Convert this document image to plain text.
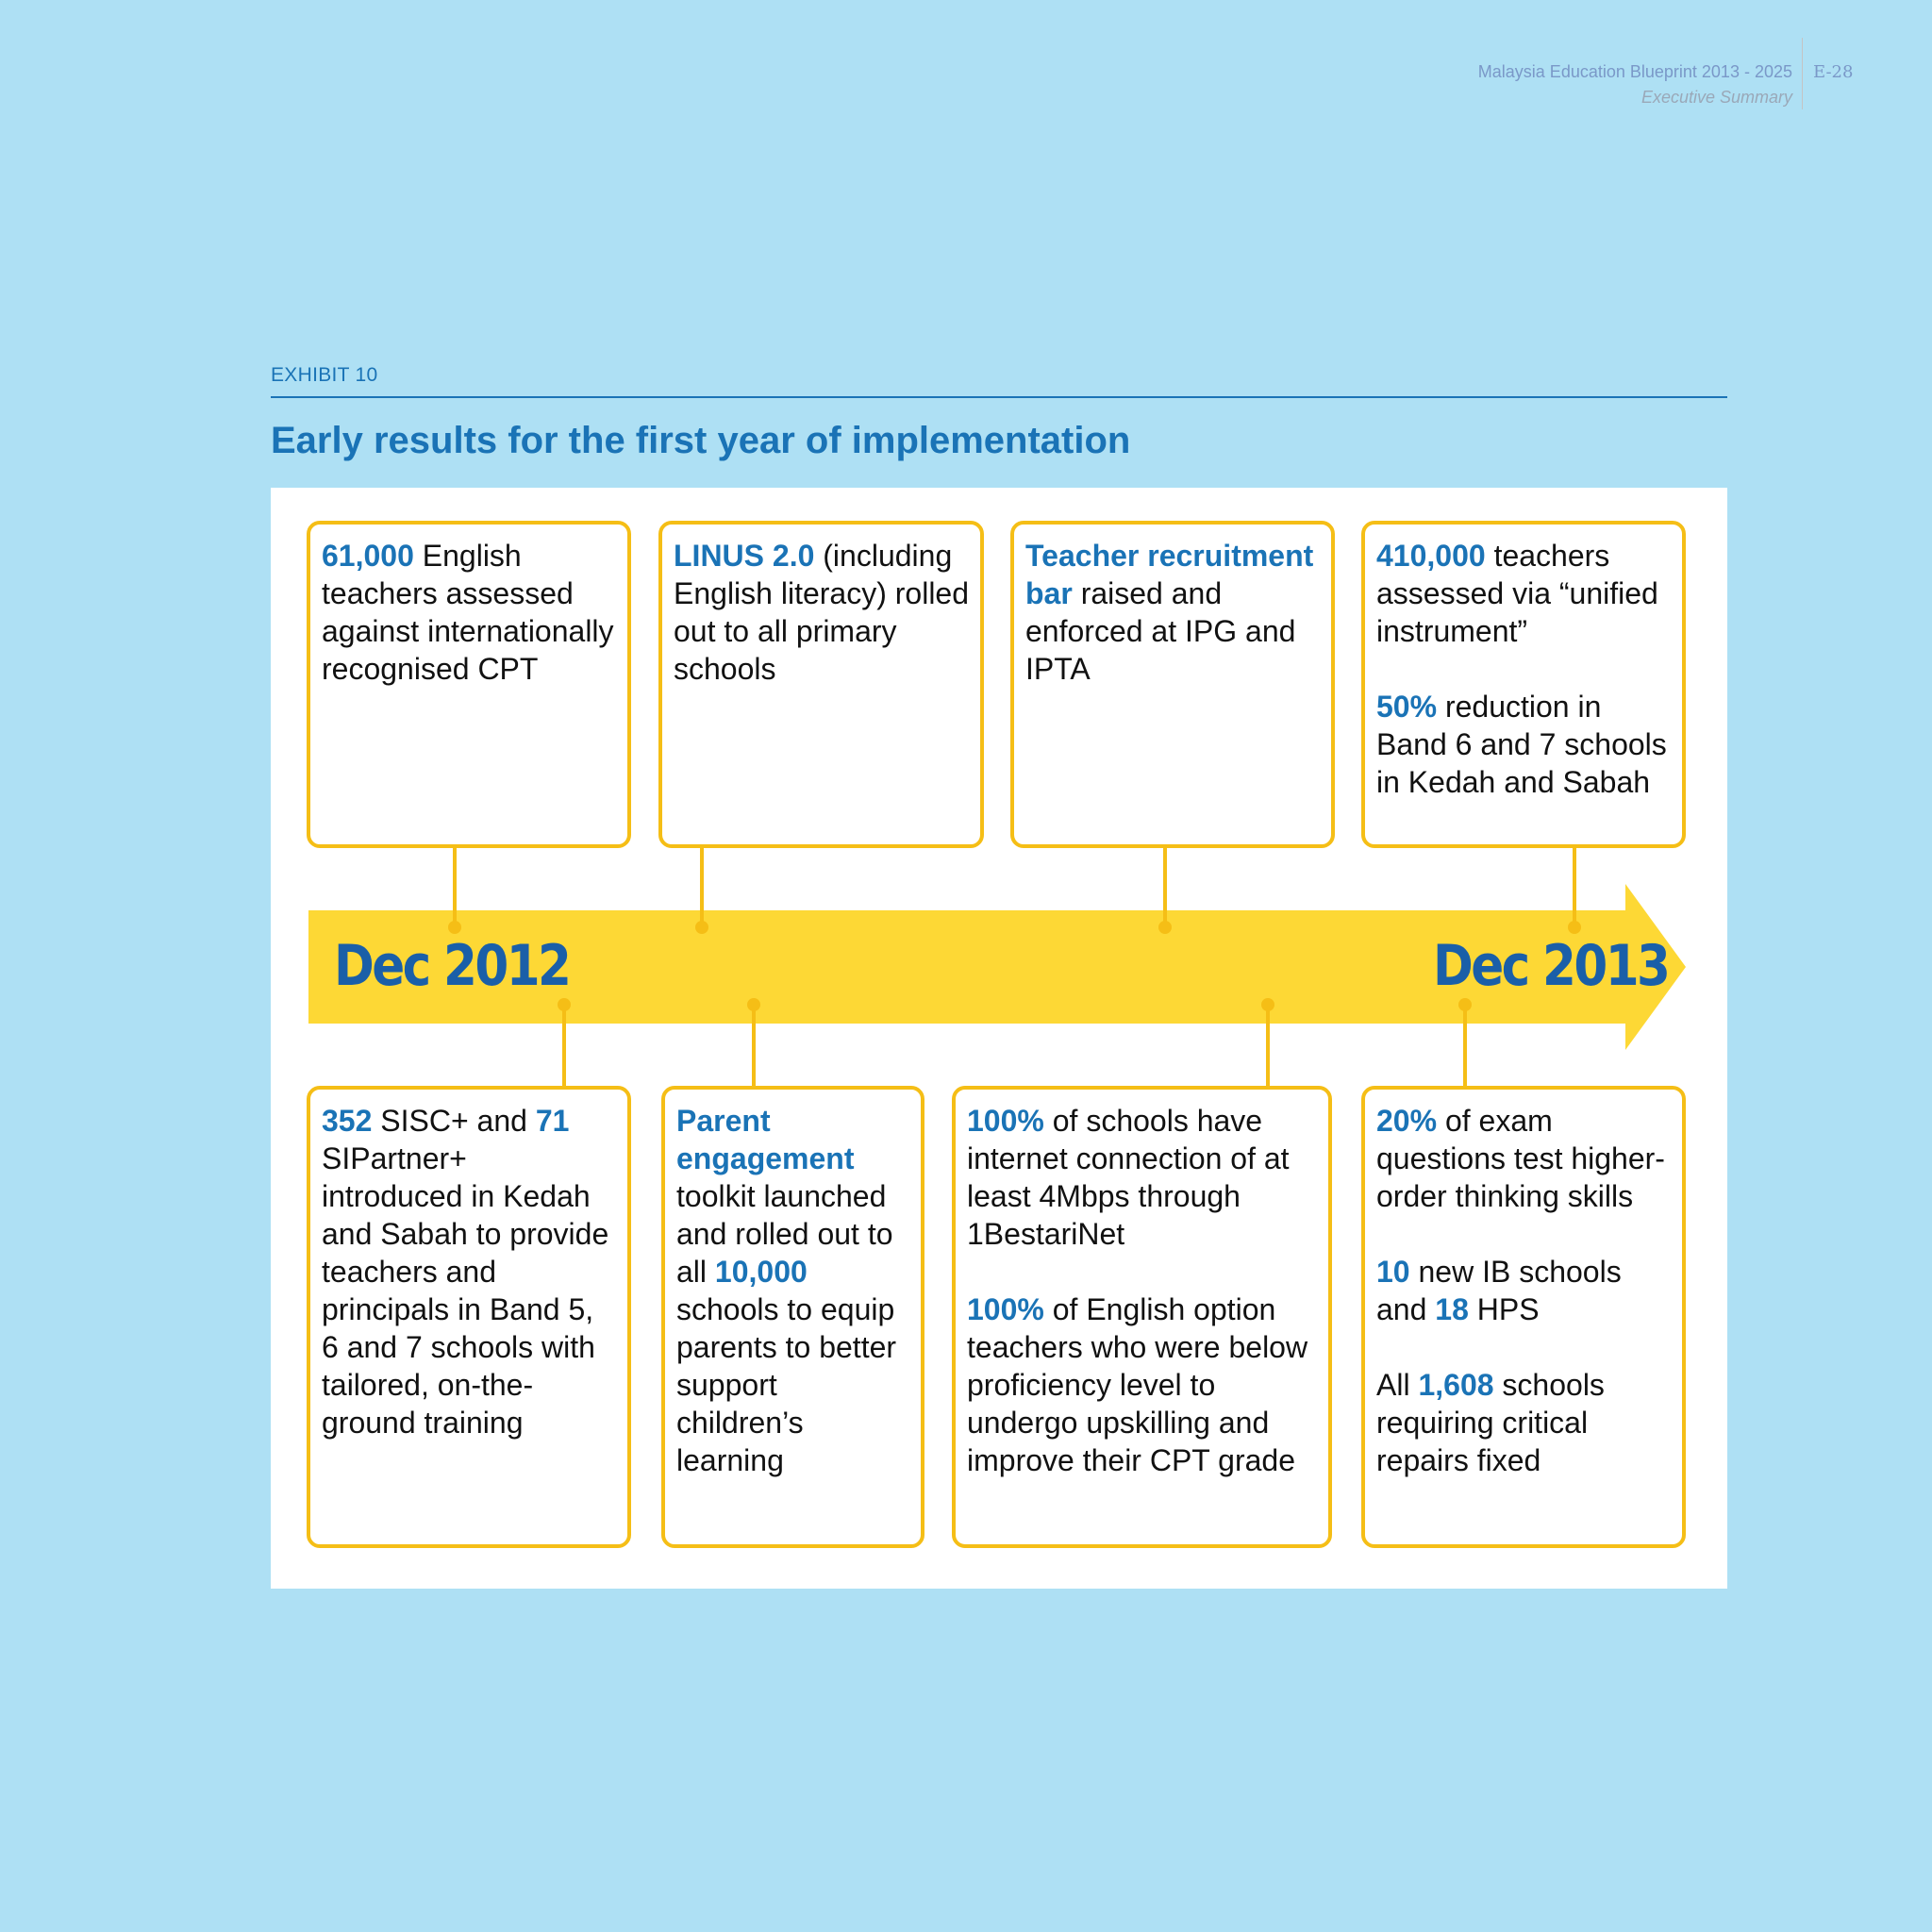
Malaysia Education Blueprint 2013 - 2025
Executive Summary
E-28
EXHIBIT 10
Early results for the first year of implementation
Dec 2012	Dec 2013

61,000 English teachers assessed against internationally recognised CPT

LINUS 2.0 (including English literacy) rolled out to all primary schools

Teacher recruitment bar raised and enforced at IPG and IPTA

410,000 teachers assessed via “unified instrument”

50% reduction in Band 6 and 7 schools in Kedah and Sabah

352 SISC+ and 71 SIPartner+ introduced in Kedah and Sabah to provide teachers and principals in Band 5, 6 and 7 schools with tailored, on-the-ground training

Parent engagement toolkit launched and rolled out to all 10,000 schools to equip parents to better support children’s learning

100% of schools have internet connection of at least 4Mbps through 1BestariNet

100% of English option teachers who were below proficiency level to undergo upskilling and improve their CPT grade

20% of exam questions test higher-order thinking skills

10 new IB schools and 18 HPS

All 1,608 schools requiring critical repairs fixed
